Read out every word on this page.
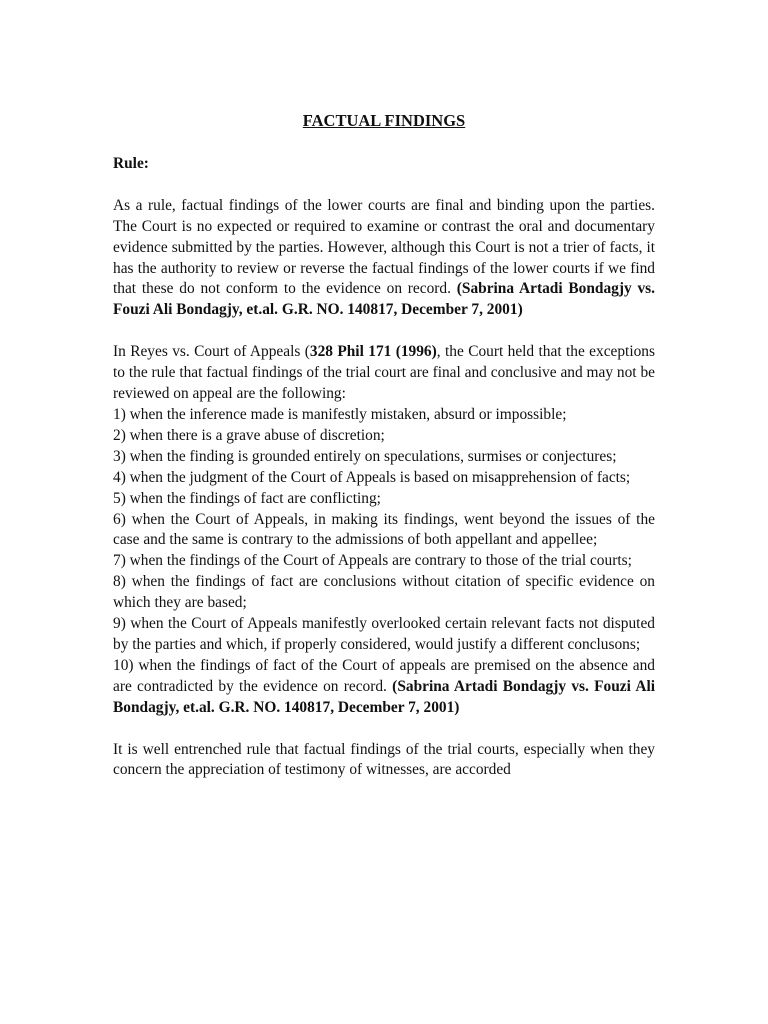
FACTUAL FINDINGS
Rule:

As a rule, factual findings of the lower courts are final and binding upon the parties. The Court is no expected or required to examine or contrast the oral and documentary evidence submitted by the parties. However, although this Court is not a trier of facts, it has the authority to review or reverse the factual findings of the lower courts if we find that these do not conform to the evidence on record. (Sabrina Artadi Bondagjy vs. Fouzi Ali Bondagjy, et.al. G.R. NO. 140817, December 7, 2001)

In Reyes vs. Court of Appeals (328 Phil 171 (1996), the Court held that the exceptions to the rule that factual findings of the trial court are final and conclusive and may not be reviewed on appeal are the following:

1) when the inference made is manifestly mistaken, absurd or impossible;

2) when there is a grave abuse of discretion;

3) when the finding is grounded entirely on speculations, surmises or conjectures;

4) when the judgment of the Court of Appeals is based on misapprehension of facts;

5) when the findings of fact are conflicting;

6) when the Court of Appeals, in making its findings, went beyond the issues of the case and the same is contrary to the admissions of both appellant and appellee;

7) when the findings of the Court of Appeals are contrary to those of the trial courts;

8) when the findings of fact are conclusions without citation of specific evidence on which they are based;

9) when the Court of Appeals manifestly overlooked certain relevant facts not disputed by the parties and which, if properly considered, would justify a different conclusons;

10) when the findings of fact of the Court of appeals are premised on the absence and are contradicted by the evidence on record. (Sabrina Artadi Bondagjy vs. Fouzi Ali Bondagjy, et.al. G.R. NO. 140817, December 7, 2001)

It is well entrenched rule that factual findings of the trial courts, especially when they concern the appreciation of testimony of witnesses, are accorded
